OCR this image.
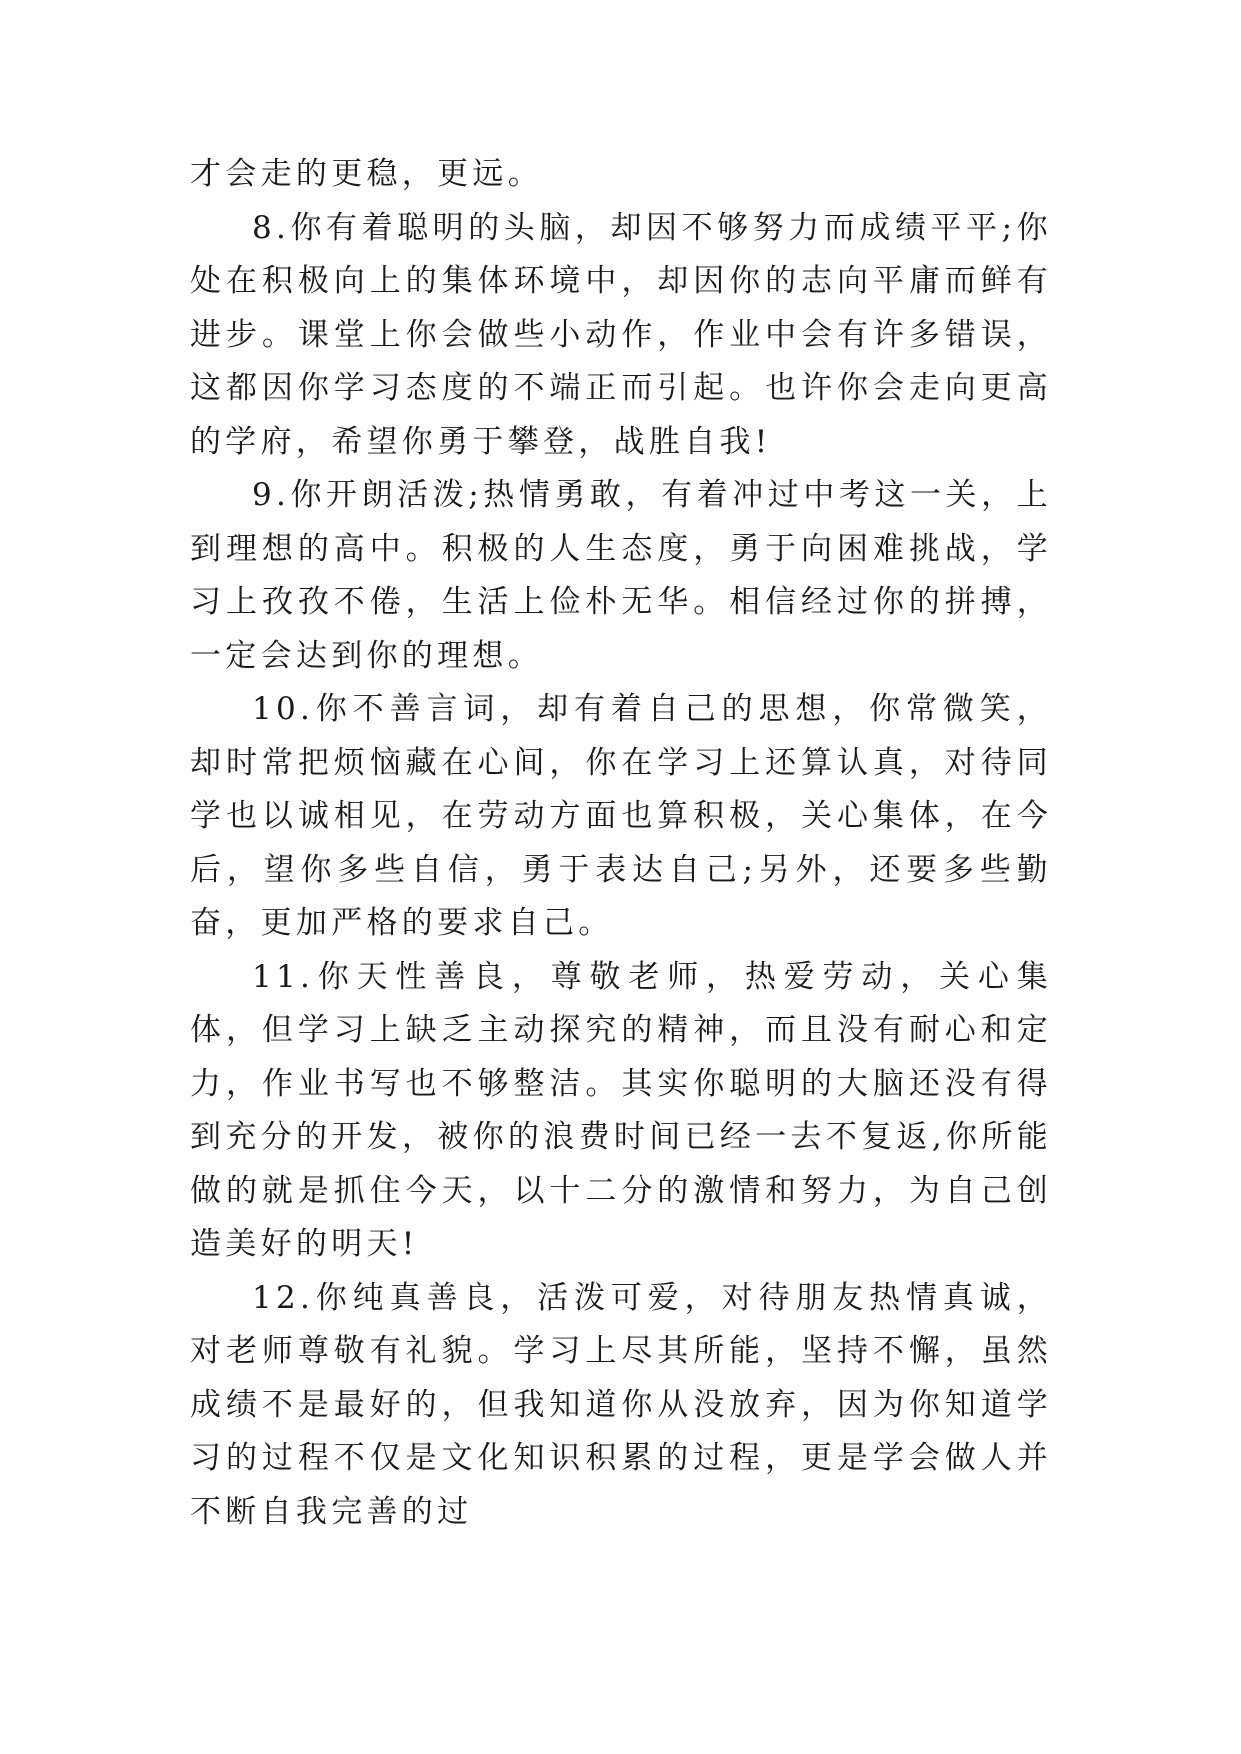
才会走的更稳，更远。

8.你有着聪明的头脑，却因不够努力而成绩平平;你处在积极向上的集体环境中，却因你的志向平庸而鲜有进步。课堂上你会做些小动作，作业中会有许多错误，这都因你学习态度的不端正而引起。也许你会走向更高的学府，希望你勇于攀登，战胜自我!

9.你开朗活泼;热情勇敢，有着冲过中考这一关，上到理想的高中。积极的人生态度，勇于向困难挑战，学习上孜孜不倦，生活上俭朴无华。相信经过你的拼搏，一定会达到你的理想。

10.你不善言词，却有着自己的思想，你常微笑，却时常把烦恼藏在心间，你在学习上还算认真，对待同学也以诚相见，在劳动方面也算积极，关心集体，在今后，望你多些自信，勇于表达自己;另外，还要多些勤奋，更加严格的要求自己。

11.你天性善良，尊敬老师，热爱劳动，关心集体，但学习上缺乏主动探究的精神，而且没有耐心和定力，作业书写也不够整洁。其实你聪明的大脑还没有得到充分的开发，被你的浪费时间已经一去不复返,你所能做的就是抓住今天，以十二分的激情和努力，为自己创造美好的明天!

12.你纯真善良，活泼可爱，对待朋友热情真诚，对老师尊敬有礼貌。学习上尽其所能，坚持不懈，虽然成绩不是最好的，但我知道你从没放弃，因为你知道学习的过程不仅是文化知识积累的过程，更是学会做人并不断自我完善的过
